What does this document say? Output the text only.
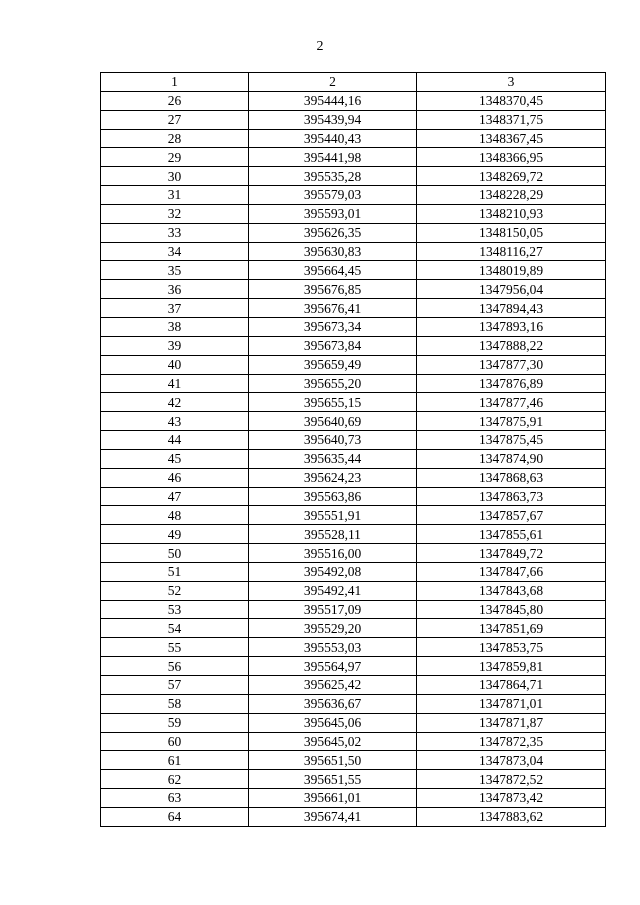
2
1	2	3
26	395444,16	1348370,45
27	395439,94	1348371,75
28	395440,43	1348367,45
29	395441,98	1348366,95
30	395535,28	1348269,72
31	395579,03	1348228,29
32	395593,01	1348210,93
33	395626,35	1348150,05
34	395630,83	1348116,27
35	395664,45	1348019,89
36	395676,85	1347956,04
37	395676,41	1347894,43
38	395673,34	1347893,16
39	395673,84	1347888,22
40	395659,49	1347877,30
41	395655,20	1347876,89
42	395655,15	1347877,46
43	395640,69	1347875,91
44	395640,73	1347875,45
45	395635,44	1347874,90
46	395624,23	1347868,63
47	395563,86	1347863,73
48	395551,91	1347857,67
49	395528,11	1347855,61
50	395516,00	1347849,72
51	395492,08	1347847,66
52	395492,41	1347843,68
53	395517,09	1347845,80
54	395529,20	1347851,69
55	395553,03	1347853,75
56	395564,97	1347859,81
57	395625,42	1347864,71
58	395636,67	1347871,01
59	395645,06	1347871,87
60	395645,02	1347872,35
61	395651,50	1347873,04
62	395651,55	1347872,52
63	395661,01	1347873,42
64	395674,41	1347883,62
